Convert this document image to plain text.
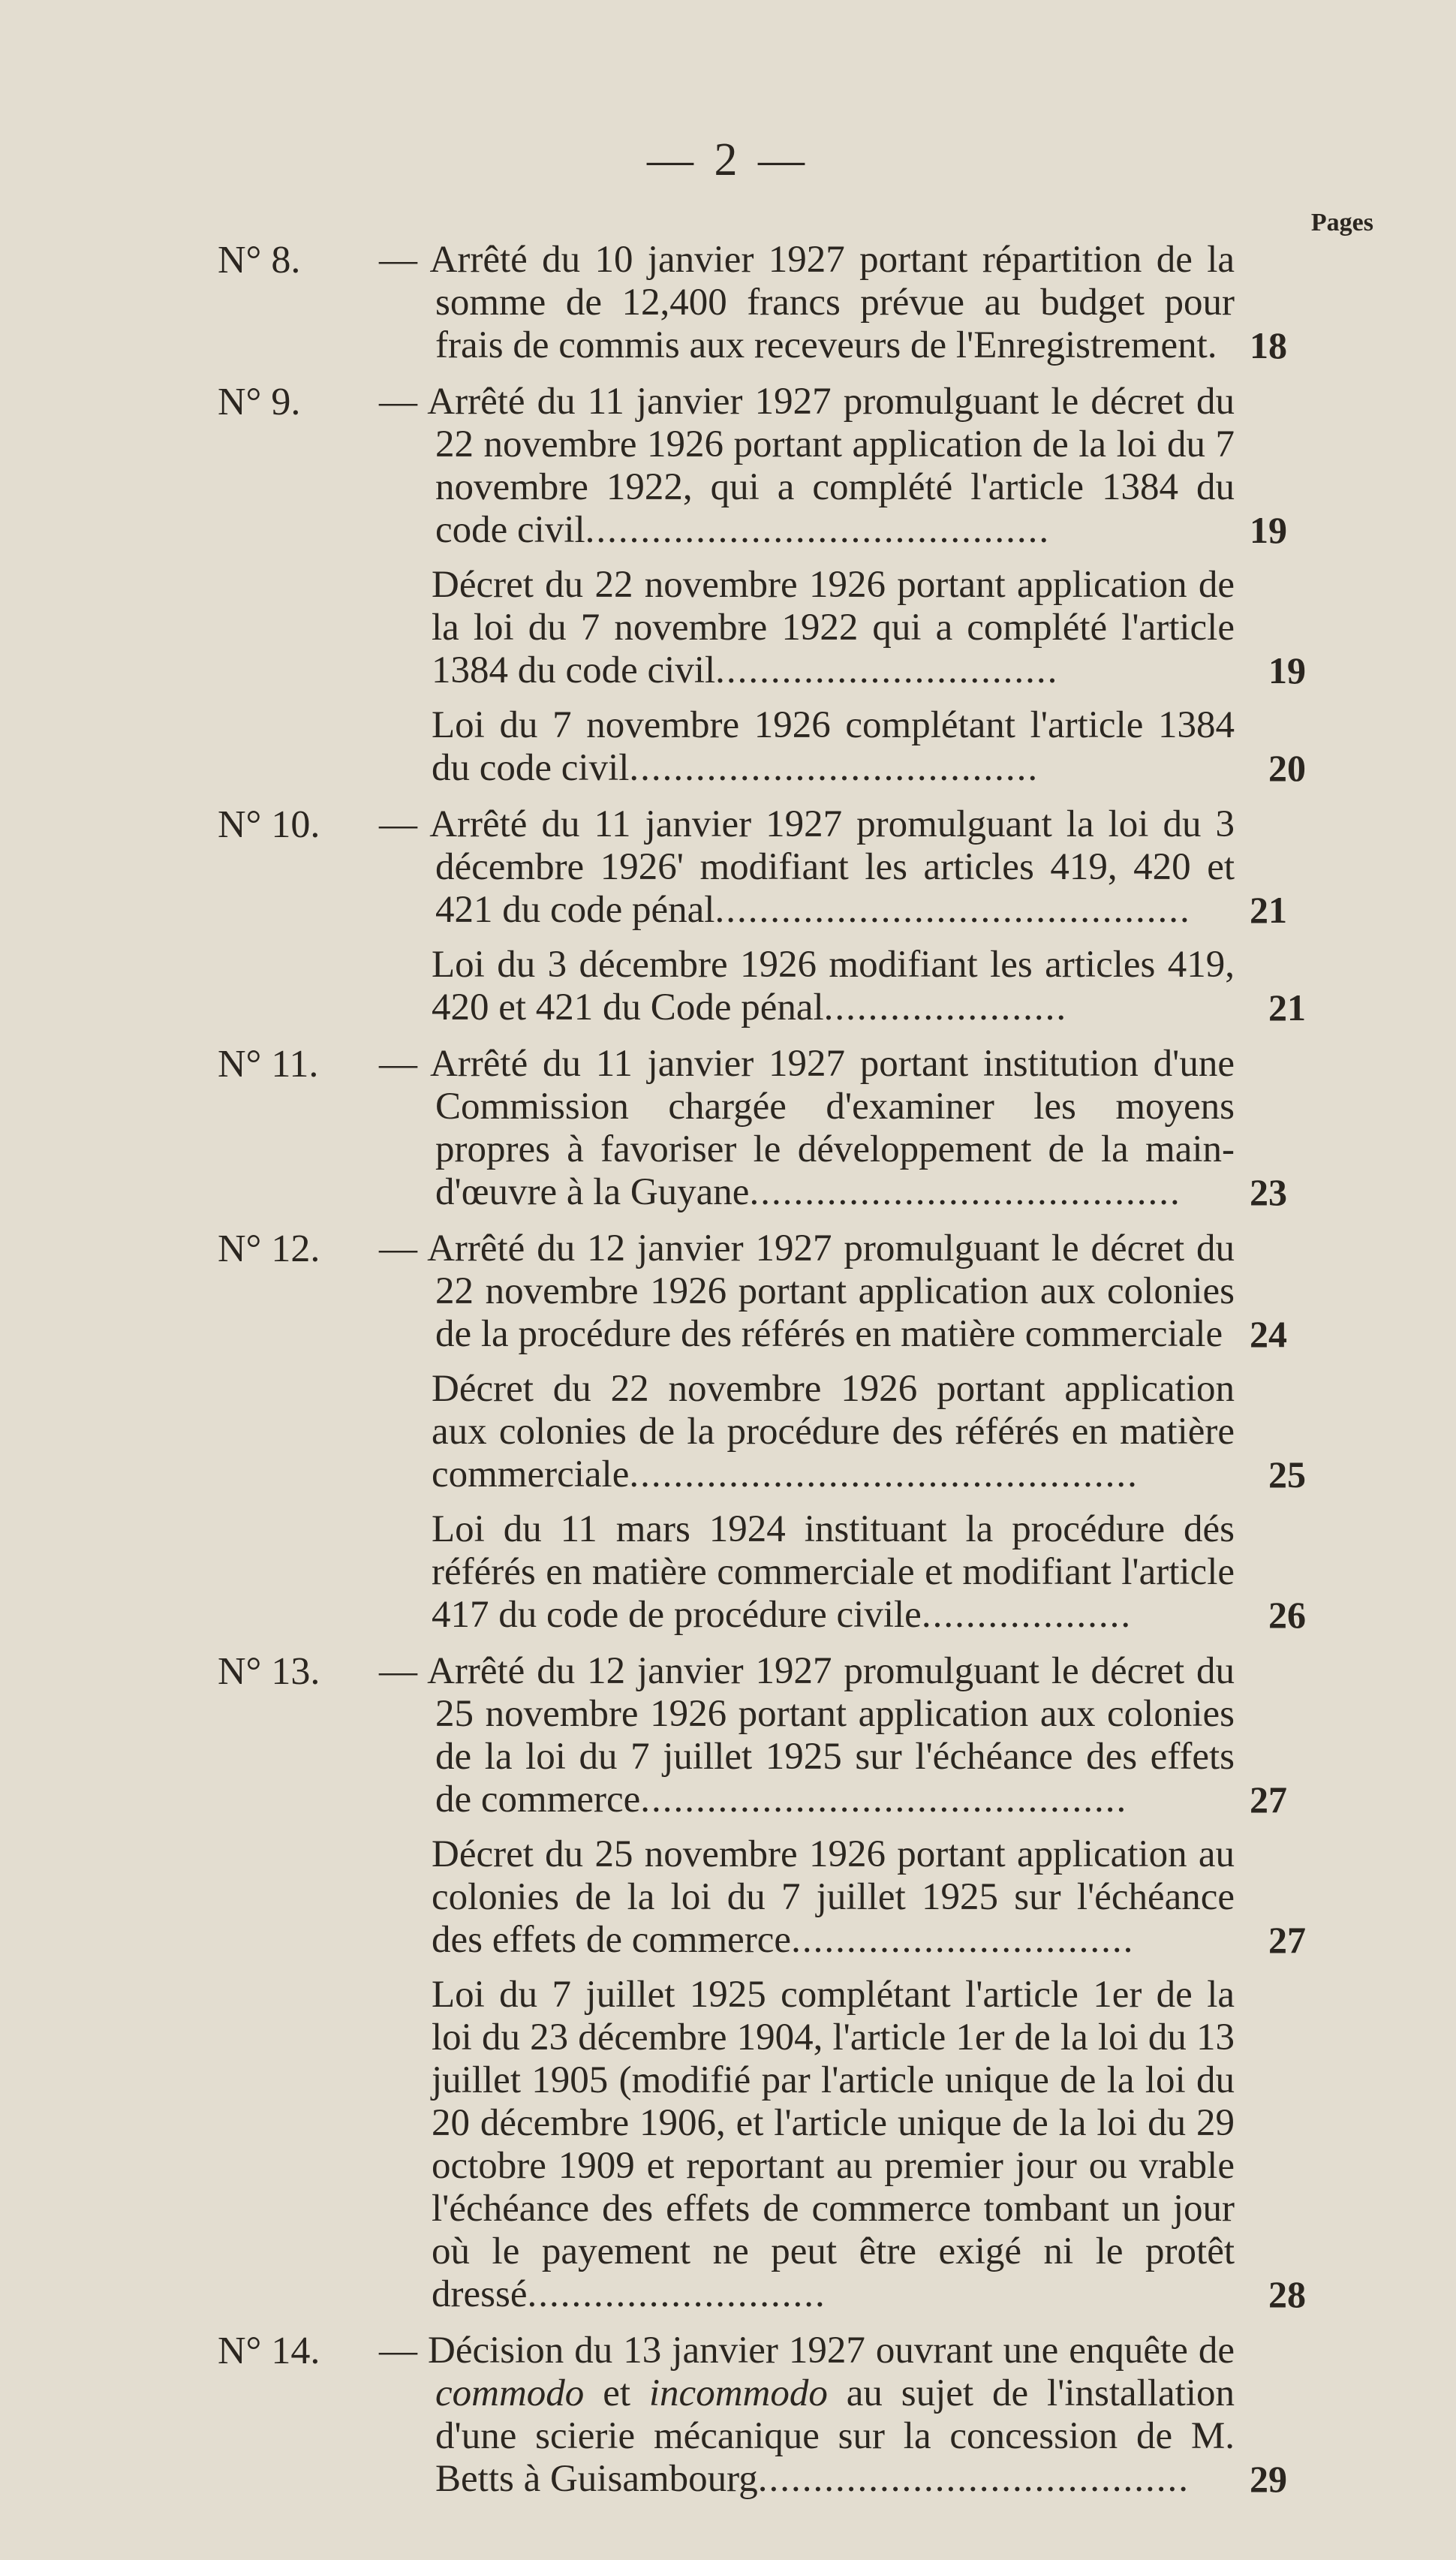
— 2 —
Pages
N° 8.	— Arrêté du 10 janvier 1927 portant répartition de la somme de 12,400 francs prévue au budget pour frais de commis aux receveurs de l'Enregistrement. 18
N° 9.	— Arrêté du 11 janvier 1927 promulguant le décret du 22 novembre 1926 portant application de la loi du 7 novembre 1922, qui a complété l'article 1384 du code civil..........................................	19
Décret du 22 novembre 1926 portant application de la loi du 7 novembre 1922 qui a complété l'article 1384 du code civil...............................	19
Loi du 7 novembre 1926 complétant l'article 1384 du code civil.....................................	20
N° 10.	— Arrêté du 11 janvier 1927 promulguant la loi du 3 décembre 1926' modifiant les articles 419, 420 et 421 du code pénal........................................... 21
Loi du 3 décembre 1926 modifiant les articles 419, 420 et 421 du Code pénal......................	21
N° 11.	— Arrêté du 11 janvier 1927 portant institution d'une Commission chargée d'examiner les moyens propres à favoriser le développement de la main-d'œuvre à la Guyane....................................... 23
N° 12.	— Arrêté du 12 janvier 1927 promulguant le décret du 22 novembre 1926 portant application aux colonies de la procédure des référés en matière commerciale 24
Décret du 22 novembre 1926 portant application aux colonies de la procédure des référés en matière commerciale..............................................	25
Loi du 11 mars 1924 instituant la procédure dés référés en matière commerciale et modifiant l'article 417 du code de procédure civile...................	26
N° 13.	— Arrêté du 12 janvier 1927 promulguant le décret du 25 novembre 1926 portant application aux colonies de la loi du 7 juillet 1925 sur l'échéance des effets de commerce............................................	27
Décret du 25 novembre 1926 portant application au colonies de la loi du 7 juillet 1925 sur l'échéance des effets de commerce...............................	27
Loi du 7 juillet 1925 complétant l'article 1er de la loi du 23 décembre 1904, l'article 1er de la loi du 13 juillet 1905 (modifié par l'article unique de la loi du 20 décembre 1906, et l'article unique de la loi du 29 octobre 1909 et reportant au premier jour ou vrable l'échéance des effets de commerce tombant un jour où le payement ne peut être exigé ni le protêt dressé...........................	28
N° 14.	— Décision du 13 janvier 1927 ouvrant une enquête de commodo et incommodo au sujet de l'installation d'une scierie mécanique sur la concession de M. Betts à Guisambourg....................................... 29
